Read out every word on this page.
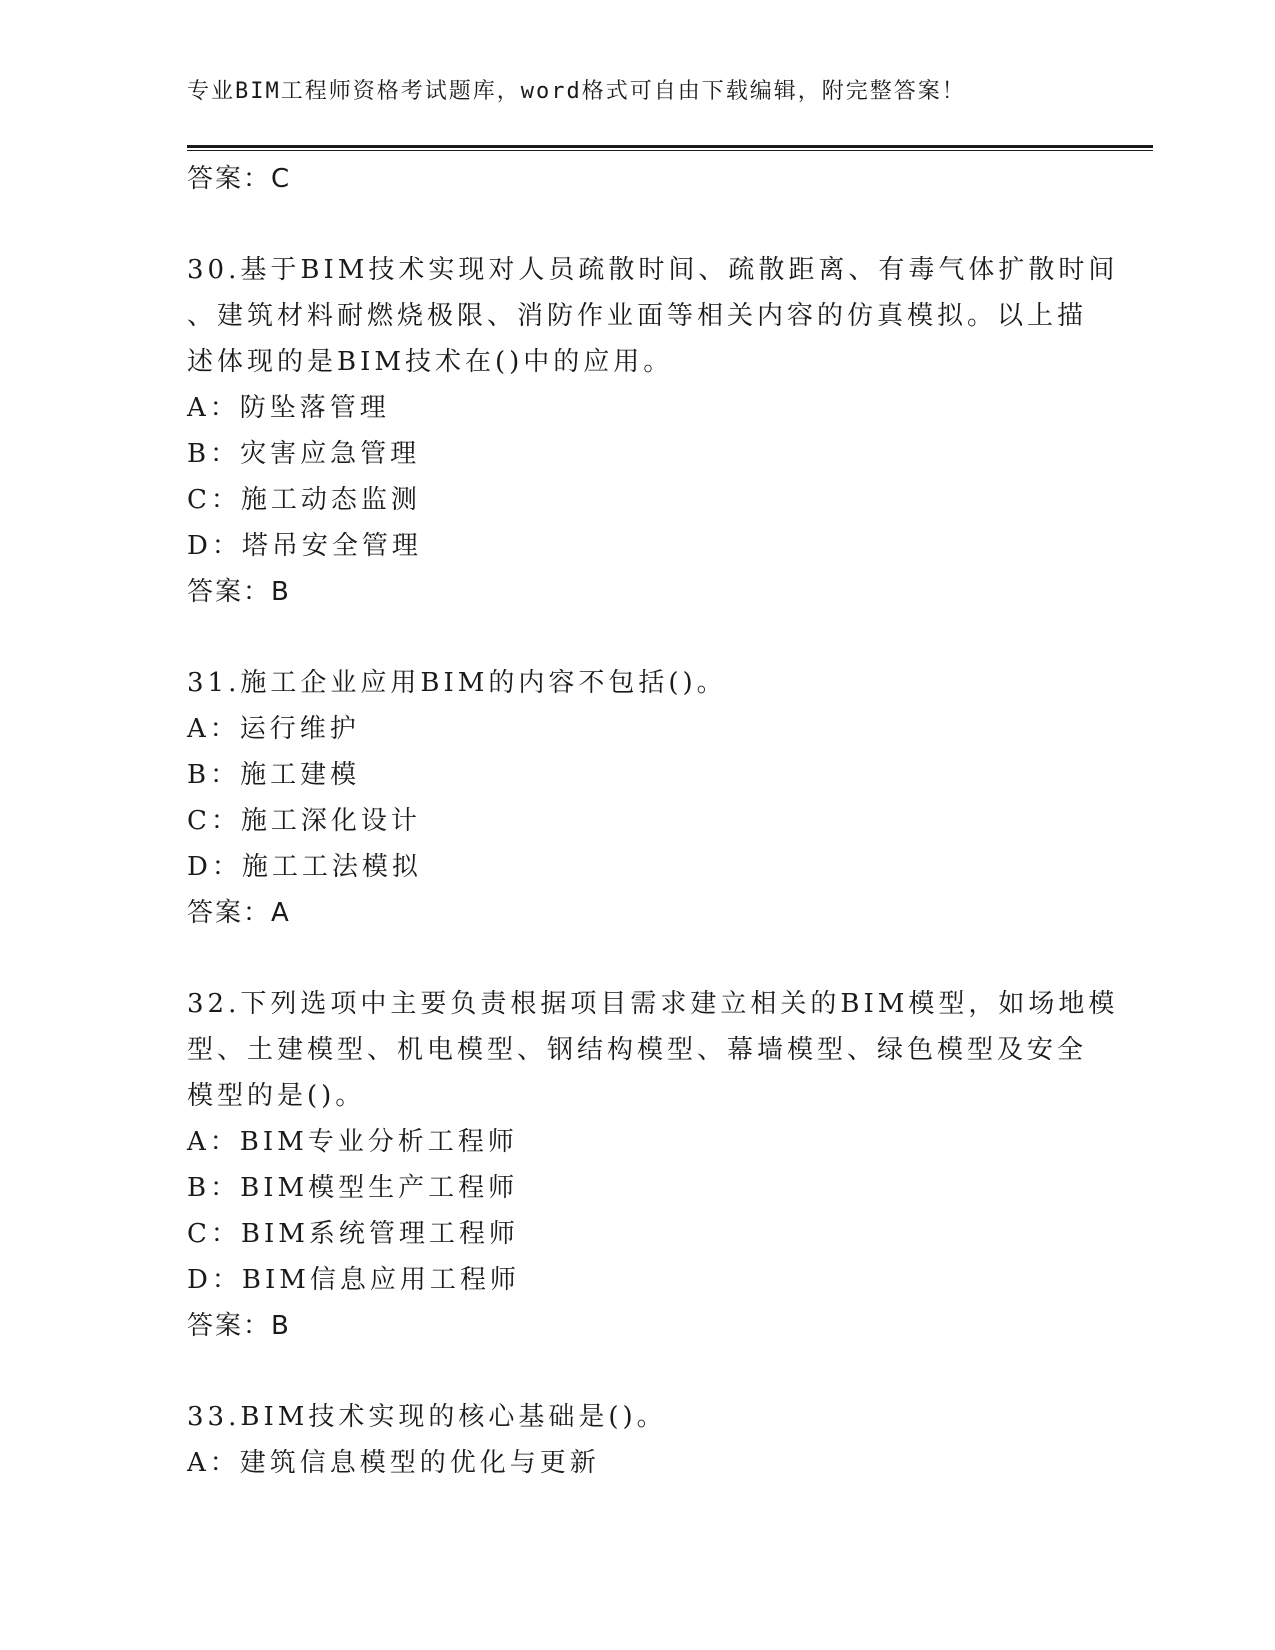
专业BIM工程师资格考试题库，word格式可自由下载编辑，附完整答案！
答案：C
30.基于BIM技术实现对人员疏散时间、疏散距离、有毒气体扩散时间
、建筑材料耐燃烧极限、消防作业面等相关内容的仿真模拟。以上描
述体现的是BIM技术在()中的应用。
A：防坠落管理
B：灾害应急管理
C：施工动态监测
D：塔吊安全管理
答案：B
31.施工企业应用BIM的内容不包括()。
A：运行维护
B：施工建模
C：施工深化设计
D：施工工法模拟
答案：A
32.下列选项中主要负责根据项目需求建立相关的BIM模型，如场地模
型、土建模型、机电模型、钢结构模型、幕墙模型、绿色模型及安全
模型的是()。
A：BIM专业分析工程师
B：BIM模型生产工程师
C：BIM系统管理工程师
D：BIM信息应用工程师
答案：B
33.BIM技术实现的核心基础是()。
A：建筑信息模型的优化与更新
